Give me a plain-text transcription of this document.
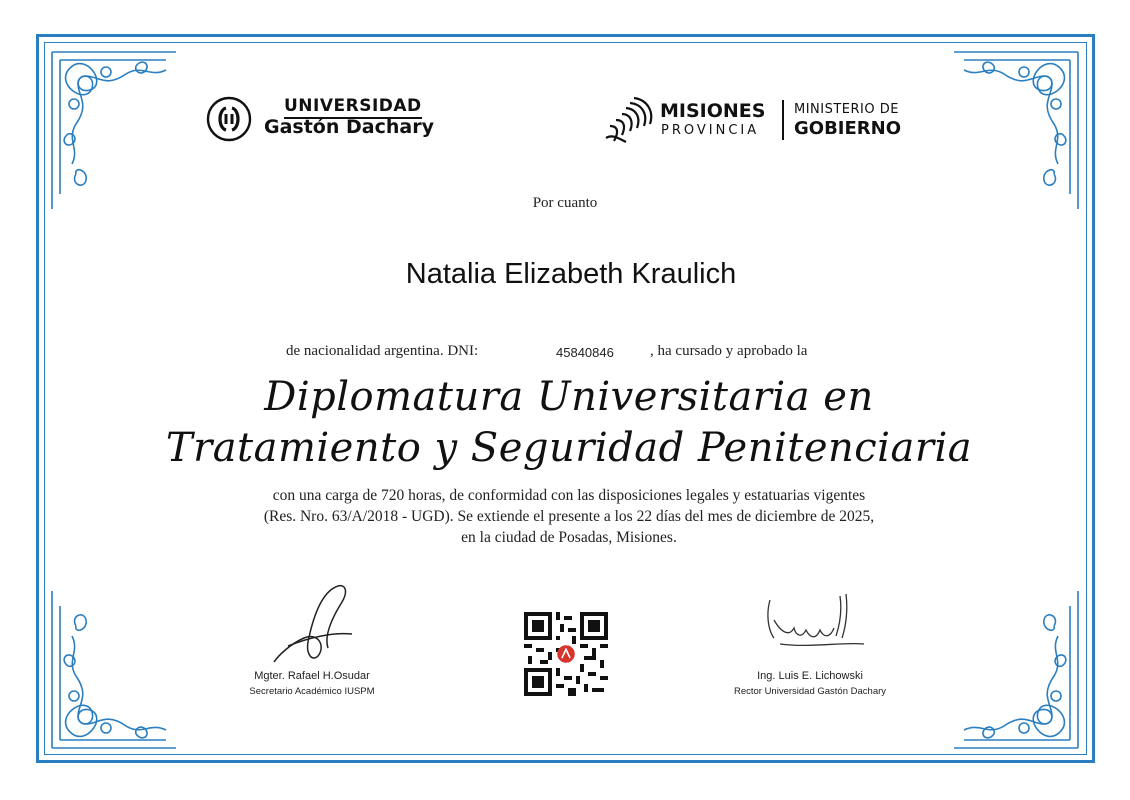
UNIVERSIDAD
Gastón Dachary
MISIONES
PROVINCIA
MINISTERIO DE
GOBIERNO
Por cuanto
Natalia Elizabeth Kraulich
de nacionalidad argentina. DNI:	45840846 , ha cursado y aprobado la
Diplomatura Universitaria en
Tratamiento y Seguridad Penitenciaria
con una carga de 720 horas, de conformidad con las disposiciones legales y estatuarias vigentes
(Res. Nro. 63/A/2018 - UGD). Se extiende el presente a los 22 días del mes de diciembre de 2025,
en la ciudad de Posadas, Misiones.
Mgter. Rafael H.Osudar
Secretario Académico IUSPM
Ing. Luis E. Lichowski
Rector Universidad Gastón Dachary
